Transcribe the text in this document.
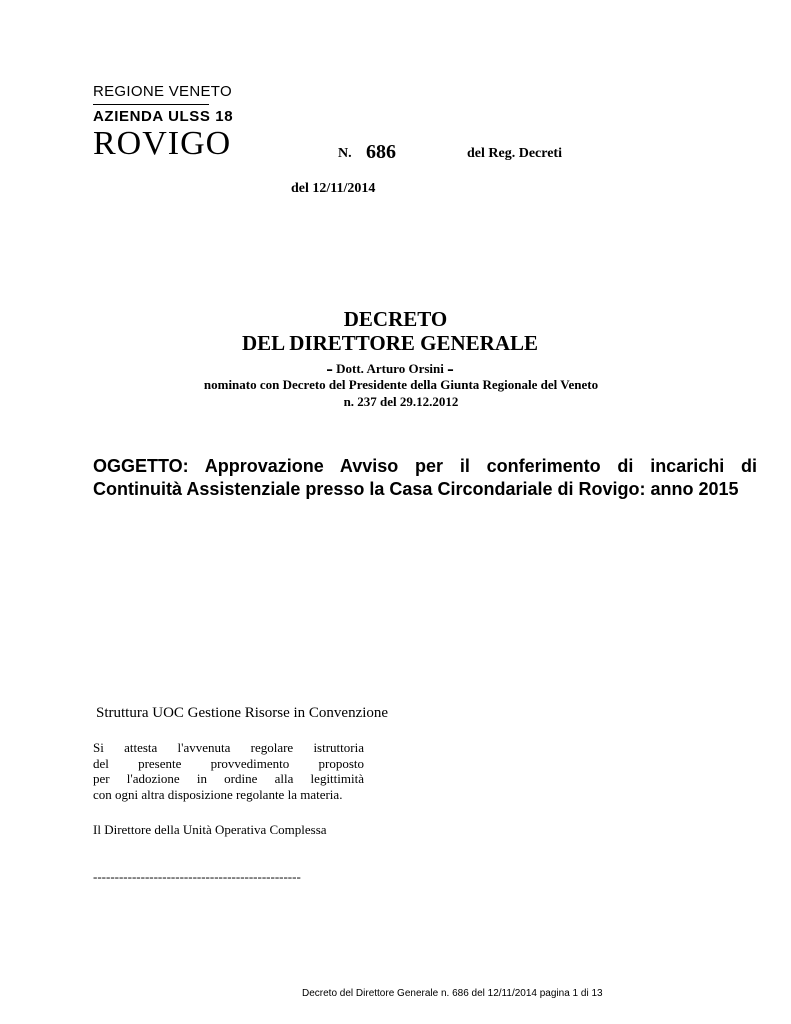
REGIONE VENETO
AZIENDA ULSS 18
ROVIGO	N. 686	del Reg. Decreti
del 12/11/2014
DECRETO
DEL DIRETTORE GENERALE
- Dott. Arturo Orsini -
nominato con Decreto del Presidente della Giunta Regionale del Veneto
n. 237 del 29.12.2012
OGGETTO: Approvazione Avviso per il conferimento di incarichi di
Continuità Assistenziale presso la Casa Circondariale di Rovigo: anno 2015
Struttura UOC Gestione Risorse in Convenzione
Si attesta l'avvenuta regolare istruttoria
del presente provvedimento proposto
per l'adozione in ordine alla legittimità
con ogni altra disposizione regolante la materia.
Il Direttore della Unità Operativa Complessa
------------------------------------------------
Decreto del Direttore Generale n. 686 del 12/11/2014 pagina 1 di 13
